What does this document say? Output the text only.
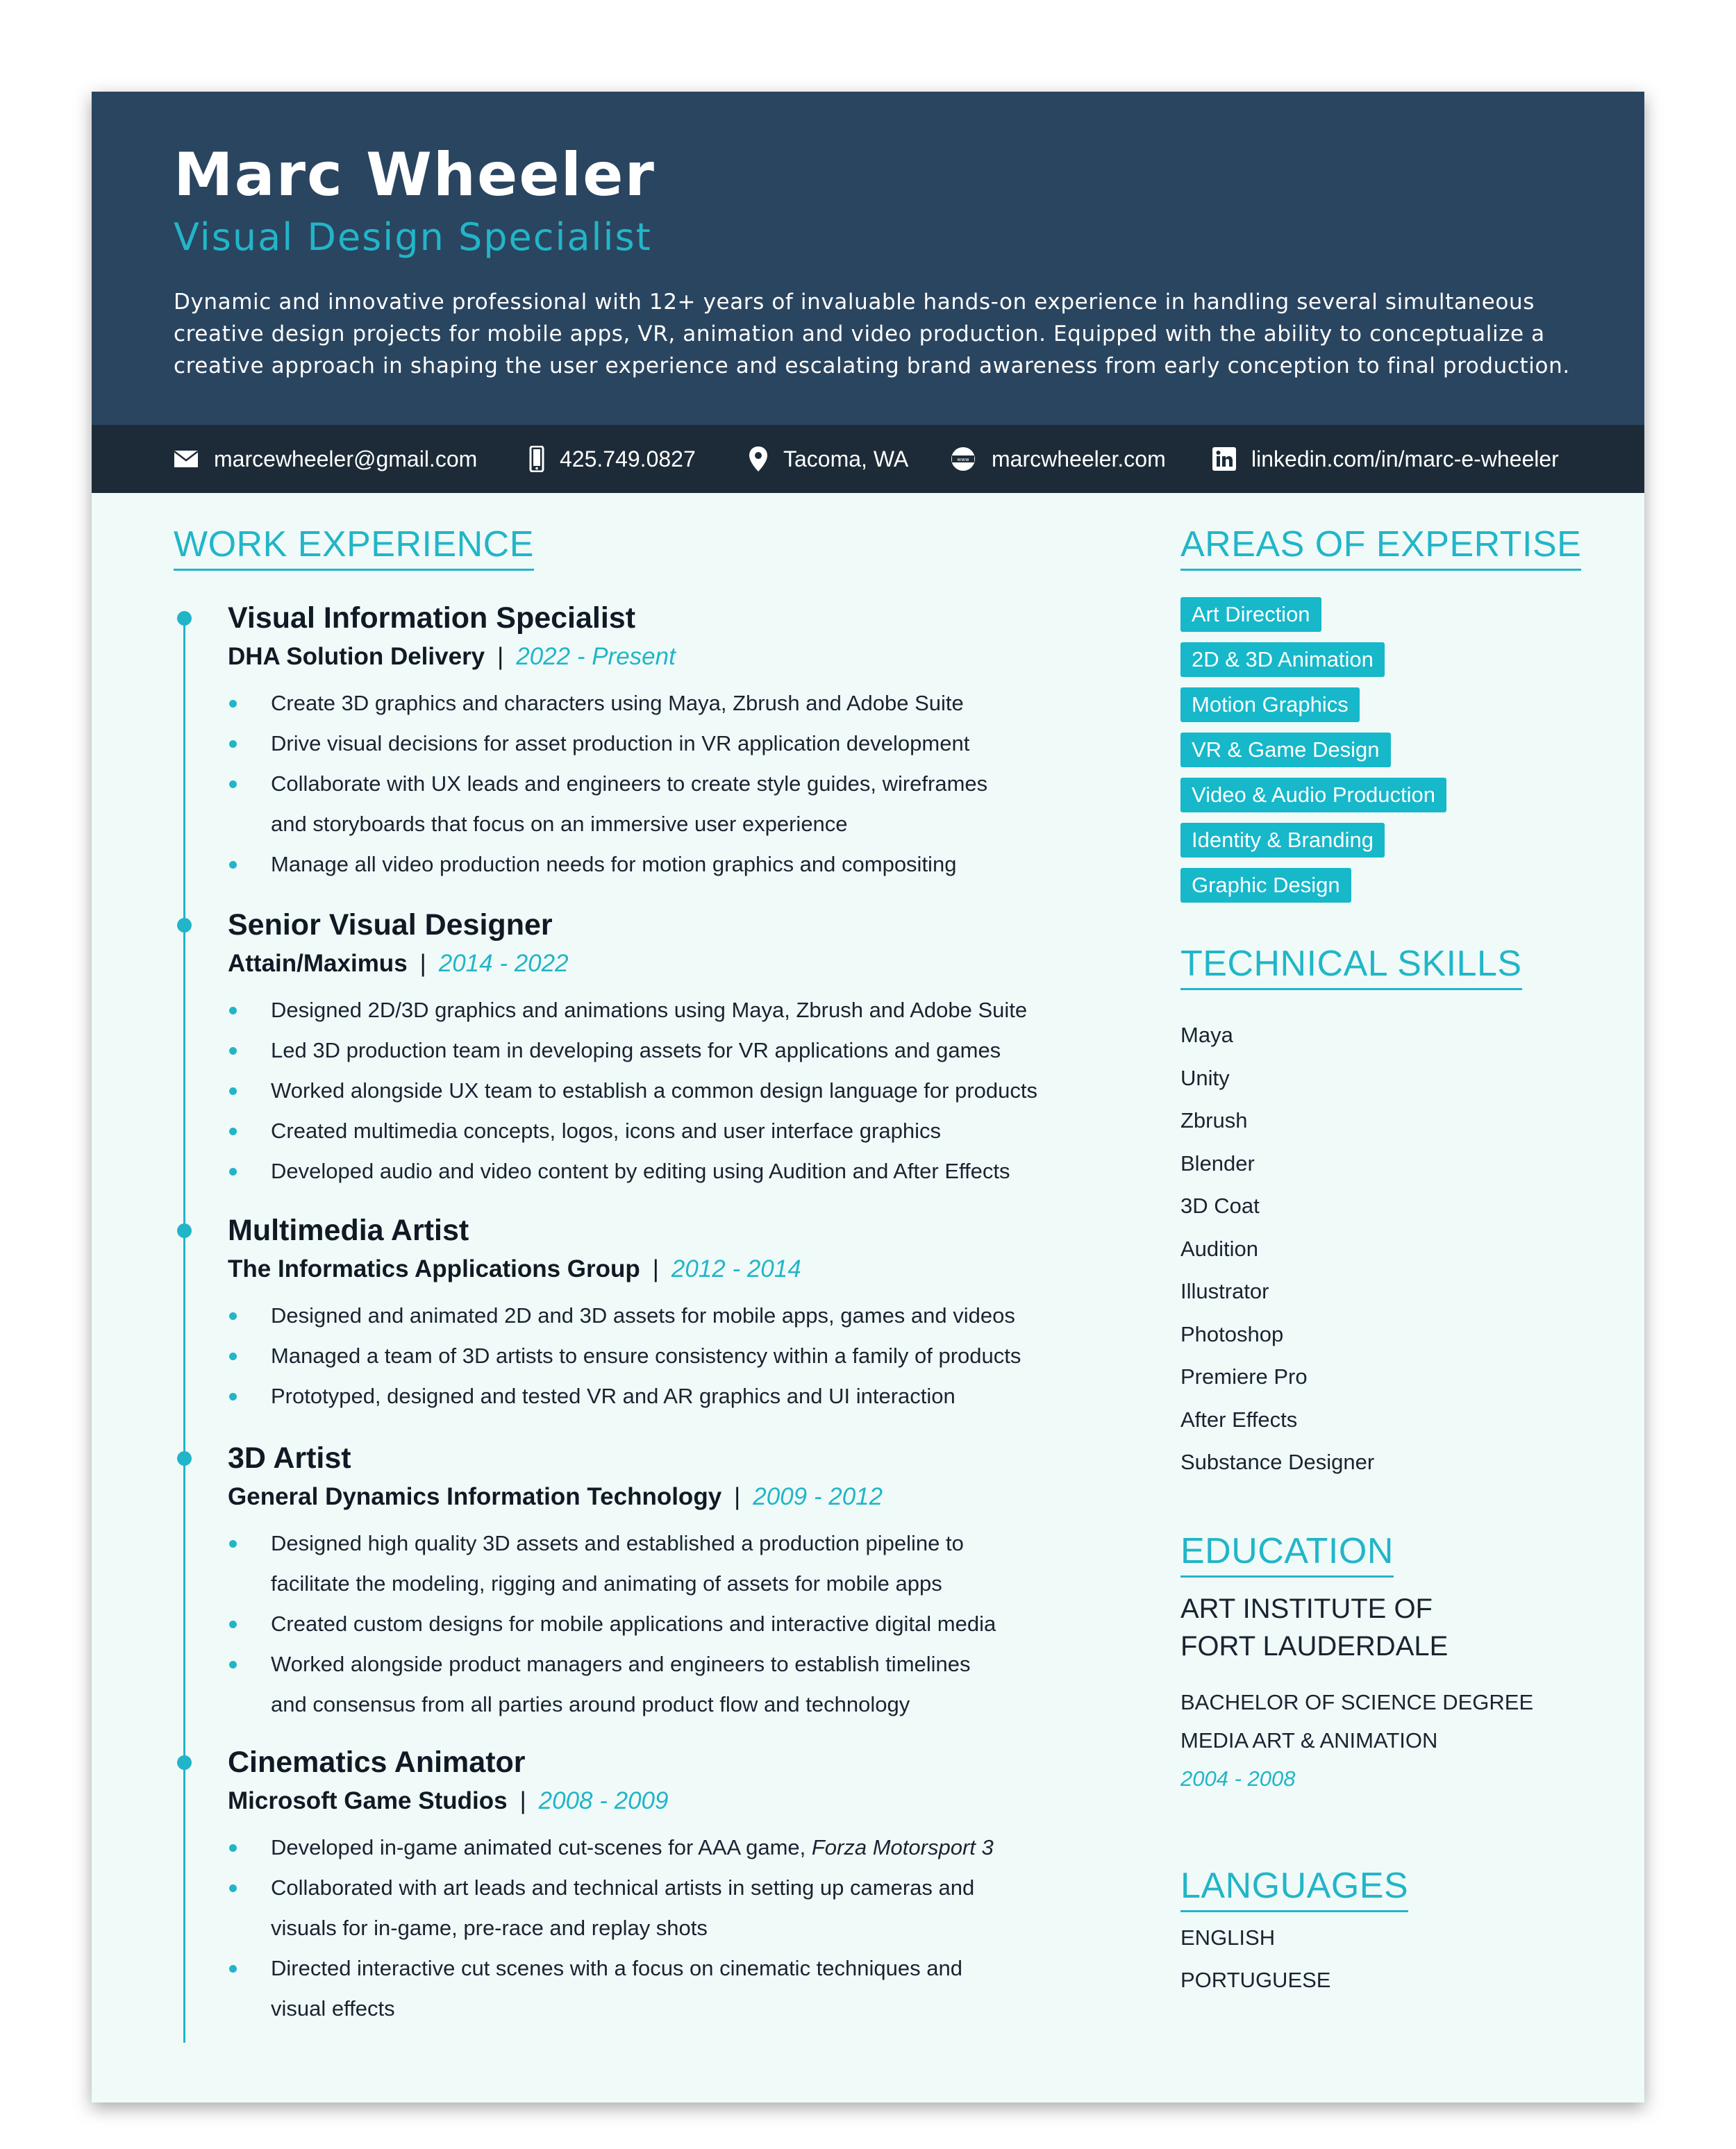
Marc Wheeler
Visual Design Specialist
Dynamic and innovative professional with 12+ years of invaluable hands-on experience in handling several simultaneous
creative design projects for mobile apps, VR, animation and video production. Equipped with the ability to conceptualize a
creative approach in shaping the user experience and escalating brand awareness from early conception to final production.
marcewheeler@gmail.com	425.749.0827	Tacoma, WA	www marcwheeler.com	linkedin.com/in/marc-e-wheeler
WORK EXPERIENCE
Visual Information Specialist
DHA Solution Delivery | 2022 - Present
Create 3D graphics and characters using Maya, Zbrush and Adobe Suite
Drive visual decisions for asset production in VR application development
Collaborate with UX leads and engineers to create style guides, wireframes
and storyboards that focus on an immersive user experience
Manage all video production needs for motion graphics and compositing
Senior Visual Designer
Attain/Maximus | 2014 - 2022
Designed 2D/3D graphics and animations using Maya, Zbrush and Adobe Suite
Led 3D production team in developing assets for VR applications and games
Worked alongside UX team to establish a common design language for products
Created multimedia concepts, logos, icons and user interface graphics
Developed audio and video content by editing using Audition and After Effects
Multimedia Artist
The Informatics Applications Group | 2012 - 2014
Designed and animated 2D and 3D assets for mobile apps, games and videos
Managed a team of 3D artists to ensure consistency within a family of products
Prototyped, designed and tested VR and AR graphics and UI interaction
3D Artist
General Dynamics Information Technology | 2009 - 2012
Designed high quality 3D assets and established a production pipeline to
facilitate the modeling, rigging and animating of assets for mobile apps
Created custom designs for mobile applications and interactive digital media
Worked alongside product managers and engineers to establish timelines
and consensus from all parties around product flow and technology
Cinematics Animator
Microsoft Game Studios | 2008 - 2009
Developed in-game animated cut-scenes for AAA game, Forza Motorsport 3
Collaborated with art leads and technical artists in setting up cameras and
visuals for in-game, pre-race and replay shots
Directed interactive cut scenes with a focus on cinematic techniques and
visual effects
AREAS OF EXPERTISE
Art Direction
2D & 3D Animation
Motion Graphics
VR & Game Design
Video & Audio Production
Identity & Branding
Graphic Design
TECHNICAL SKILLS
Maya
Unity
Zbrush
Blender
3D Coat
Audition
Illustrator
Photoshop
Premiere Pro
After Effects
Substance Designer
EDUCATION
ART INSTITUTE OF
FORT LAUDERDALE
BACHELOR OF SCIENCE DEGREE
MEDIA ART & ANIMATION
2004 - 2008
LANGUAGES
ENGLISH
PORTUGUESE
